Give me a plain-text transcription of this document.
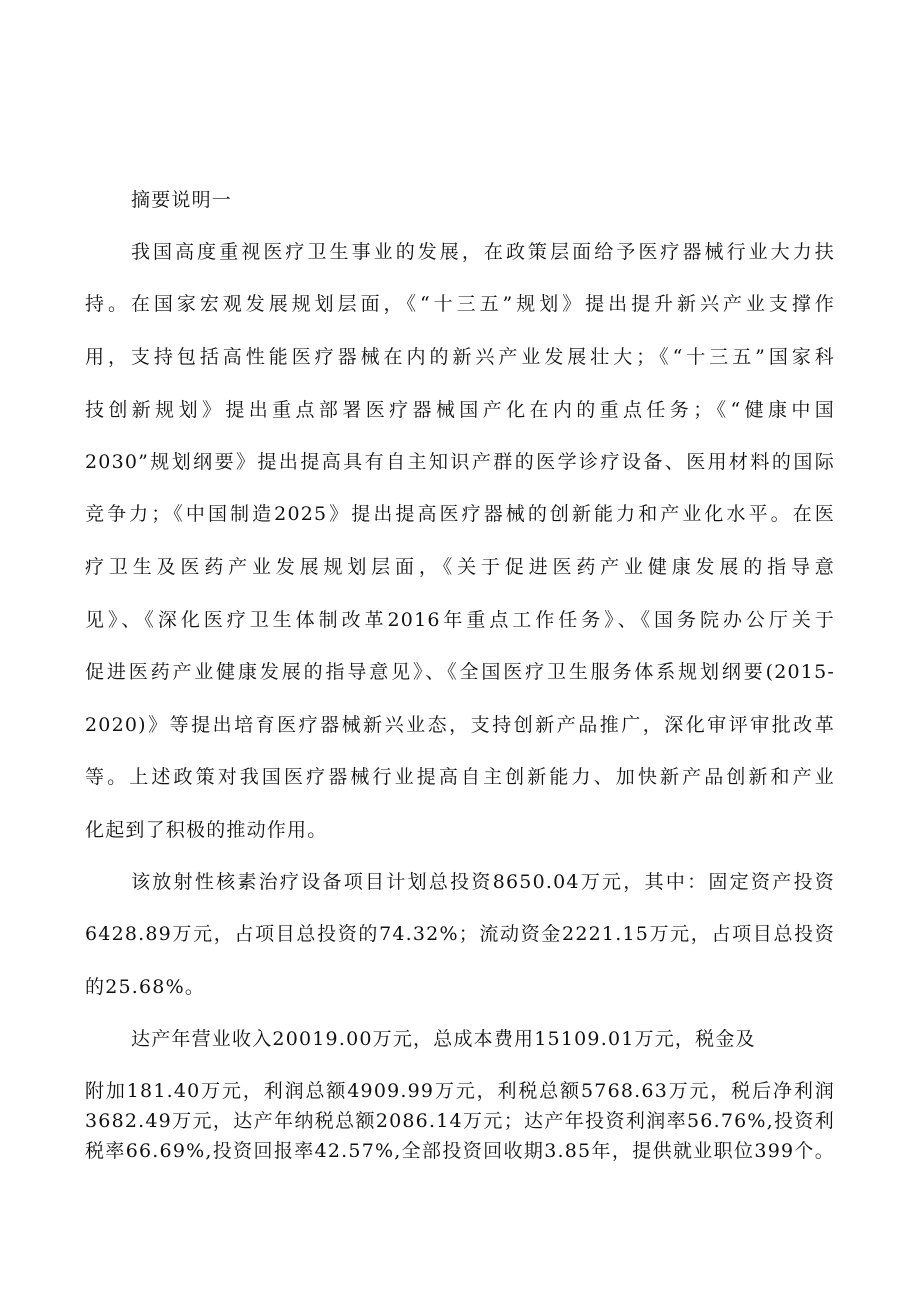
摘要说明一
我国高度重视医疗卫生事业的发展，在政策层面给予医疗器械行业大力扶
持。在国家宏观发展规划层面，《“十三五”规划》提出提升新兴产业支撑作
用，支持包括高性能医疗器械在内的新兴产业发展壮大；《“十三五”国家科
技创新规划》提出重点部署医疗器械国产化在内的重点任务；《“健康中国
2030”规划纲要》提出提高具有自主知识产群的医学诊疗设备、医用材料的国际
竞争力；《中国制造2025》提出提高医疗器械的创新能力和产业化水平。在医
疗卫生及医药产业发展规划层面，《关于促进医药产业健康发展的指导意
见》、《深化医疗卫生体制改革2016年重点工作任务》、《国务院办公厅关于
促进医药产业健康发展的指导意见》、《全国医疗卫生服务体系规划纲要(2015-
2020)》等提出培育医疗器械新兴业态，支持创新产品推广，深化审评审批改革
等。上述政策对我国医疗器械行业提高自主创新能力、加快新产品创新和产业
化起到了积极的推动作用。
该放射性核素治疗设备项目计划总投资8650.04万元，其中：固定资产投资
6428.89万元，占项目总投资的74.32%；流动资金2221.15万元，占项目总投资
的25.68%。
达产年营业收入20019.00万元，总成本费用15109.01万元，税金及
附加181.40万元，利润总额4909.99万元，利税总额5768.63万元，税后净利润
3682.49万元，达产年纳税总额2086.14万元；达产年投资利润率56.76%,投资利
税率66.69%,投资回报率42.57%,全部投资回收期3.85年，提供就业职位399个。
